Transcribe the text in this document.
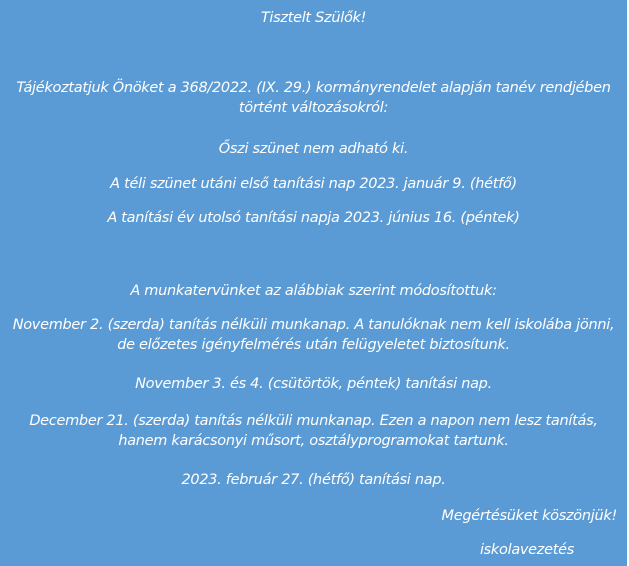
Tisztelt Szülők!

Tájékoztatjuk Önöket a 368/2022. (IX. 29.) kormányrendelet alapján tanév rendjében történt változásokról:

Őszi szünet nem adható ki.

A téli szünet utáni első tanítási nap 2023. január 9. (hétfő)

A tanítási év utolsó tanítási napja 2023. június 16. (péntek)

A munkatervünket az alábbiak szerint módosítottuk:

November 2. (szerda) tanítás nélküli munkanap. A tanulóknak nem kell iskolába jönni, de előzetes igényfelmérés után felügyeletet biztosítunk.

November 3. és 4. (csütörtök, péntek) tanítási nap.

December 21. (szerda) tanítás nélküli munkanap. Ezen a napon nem lesz tanítás, hanem karácsonyi műsort, osztályprogramokat tartunk.

2023. február 27. (hétfő) tanítási nap.

Megértésüket köszönjük!

iskolavezetés
